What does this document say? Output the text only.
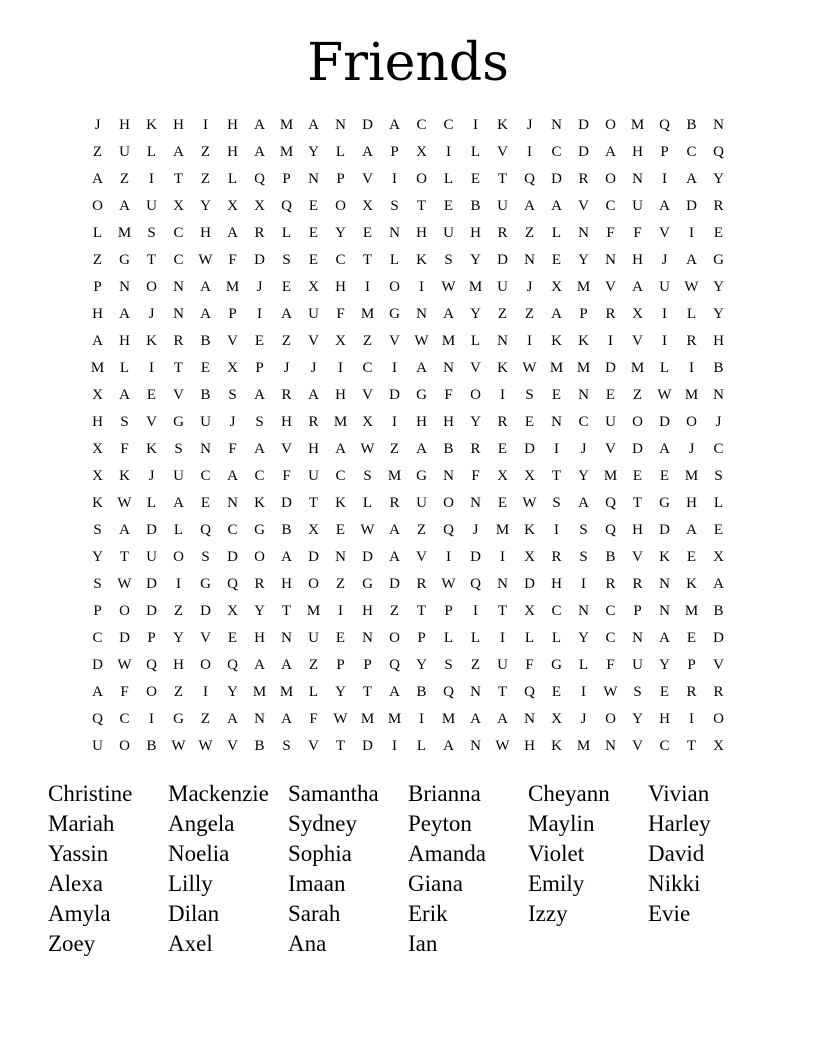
Friends
J	H	K	H	I	H	A M A	N	D	A	C	C	I	K	J	N	D	O M Q	B	N
Z	U	L	A	Z	H	A M Y	L	A	P	X	I	L	V	I	C	D	A	H	P	C	Q
A	Z	I	T	Z	L	Q	P	N	P	V	I	O	L	E	T	Q	D	R	O	N	I	A	Y
O	A	U	X	Y	X	X	Q	E	O	X	S	T	E	B	U	A	A	V	C	U	A	D	R
L	M	S	C	H	A	R	L	E	Y	E	N	H	U	H	R	Z	L	N	F	F	V	I	E
Z	G	T	C W	F	D	S	E	C	T	L	K	S	Y	D	N	E	Y	N	H	J	A	G
P	N	O	N	A M	J	E	X	H	I	O	I	W M U	J	X M V	A	U W Y
H	A	J	N	A	P	I	A	U	F	M G	N	A	Y	Z	Z	A	P	R	X	I	L	Y
A	H	K	R	B	V	E	Z	V	X	Z	V W M	L	N	I	K	K	I	V	I	R	H
M	L	I	T	E	X	P	J	J	I	C	I	A	N	V	K W M M D M	L	I	B
X	A	E	V	B	S	A	R	A	H	V	D	G	F	O	I	S	E	N	E	Z	W M N
H	S	V	G	U	J	S	H	R	M X	I	H	H	Y	R	E	N	C	U	O	D	O	J
X	F	K	S	N	F	A	V	H	A W	Z	A	B	R	E	D	I	J	V	D	A	J	C
X	K	J	U	C	A	C	F	U	C	S	M G	N	F	X	X	T	Y M	E	E	M	S
K W	L	A	E	N	K	D	T	K	L	R	U	O	N	E	W	S	A	Q	T	G	H	L
S	A	D	L	Q	C	G	B	X	E	W A	Z	Q	J	M K	I	S	Q	H	D	A	E
Y	T	U	O	S	D	O	A	D	N	D	A	V	I	D	I	X	R	S	B	V	K	E	X
S	W D	I	G	Q	R	H	O	Z	G	D	R W Q	N	D	H	I	R	R	N	K	A
P	O	D	Z	D	X	Y	T	M	I	H	Z	T	P	I	T	X	C	N	C	P	N M	B
C	D	P	Y	V	E	H	N	U	E	N	O	P	L	L	I	L	L	Y	C	N	A	E	D
D W Q	H	O	Q	A	A	Z	P	P	Q	Y	S	Z	U	F	G	L	F	U	Y	P	V
A	F	O	Z	I	Y M M	L	Y	T	A	B	Q	N	T	Q	E	I	W	S	E	R	R
Q	C	I	G	Z	A	N	A	F	W M M	I	M A	A	N	X	J	O	Y	H	I	O
U	O	B W W V	B	S	V	T	D	I	L	A	N W H	K M N	V	C	T	X
Christine	Mackenzie Samantha	Brianna	Cheyann	Vivian
Mariah	Angela	Sydney	Peyton	Maylin	Harley
Yassin	Noelia	Sophia	Amanda	Violet	David
Alexa	Lilly	Imaan	Giana	Emily	Nikki
Amyla	Dilan	Sarah	Erik	Izzy	Evie
Zoey	Axel	Ana	Ian
